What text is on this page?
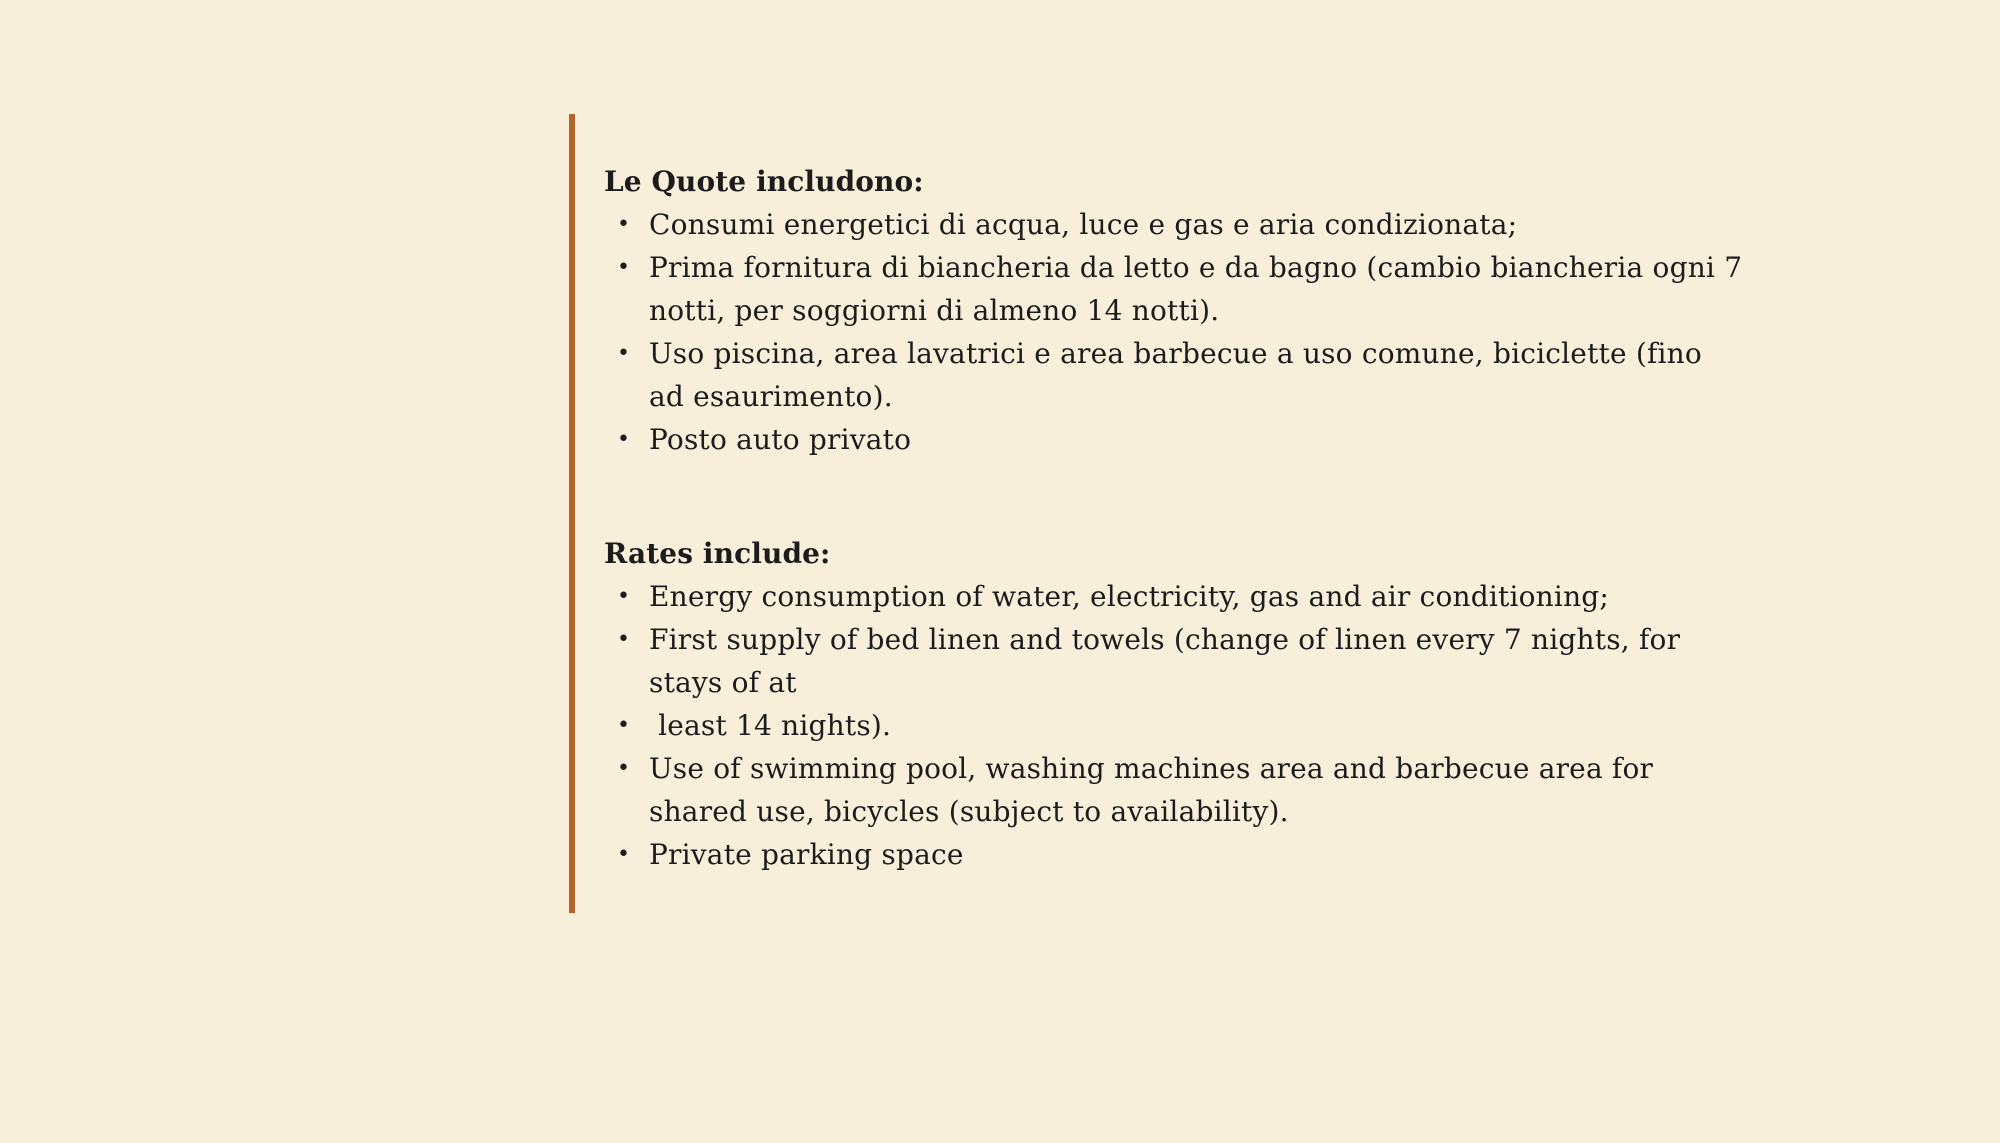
Le Quote includono:

• Consumi energetici di acqua, luce e gas e aria condizionata;
• Prima fornitura di biancheria da letto e da bagno (cambio biancheria ogni 7 notti, per soggiorni di almeno 14 notti).
• Uso piscina, area lavatrici e area barbecue a uso comune, biciclette (fino ad esaurimento).
• Posto auto privato

Rates include:

• Energy consumption of water, electricity, gas and air conditioning;
• First supply of bed linen and towels (change of linen every 7 nights, for stays of at
• least 14 nights).
• Use of swimming pool, washing machines area and barbecue area for shared use, bicycles (subject to availability).
• Private parking space
